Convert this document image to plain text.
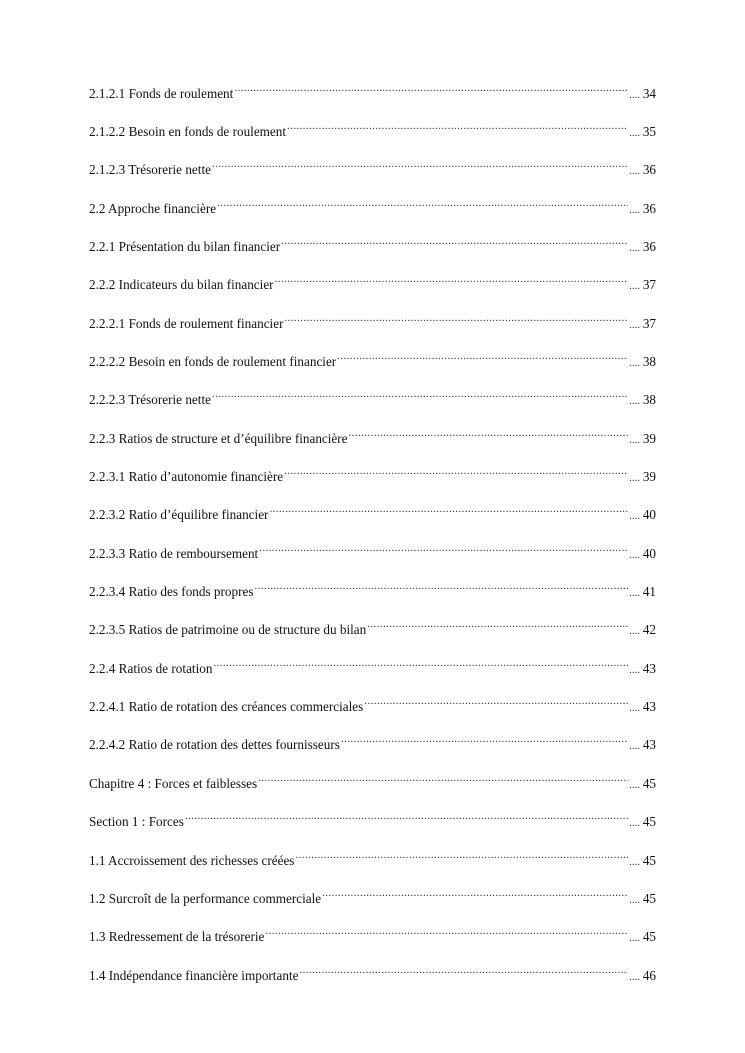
2.1.2.1 Fonds de roulement .....	.... 34
2.1.2.2 Besoin en fonds de roulement .....	.... 35
2.1.2.3 Trésorerie nette .....	.... 36
2.2 Approche financière .....	.... 36
2.2.1 Présentation du bilan financier .....	.... 36
2.2.2 Indicateurs du bilan financier .....	.... 37
2.2.2.1 Fonds de roulement financier .....	.... 37
2.2.2.2 Besoin en fonds de roulement financier .....	.... 38
2.2.2.3 Trésorerie nette .....	.... 38
2.2.3 Ratios de structure et d’équilibre financière .....	.... 39
2.2.3.1 Ratio d’autonomie financière .....	.... 39
2.2.3.2 Ratio d’équilibre financier .....	.... 40
2.2.3.3 Ratio de remboursement .....	.... 40
2.2.3.4 Ratio des fonds propres .....	.... 41
2.2.3.5 Ratios de patrimoine ou de structure du bilan .....	.... 42
2.2.4 Ratios de rotation .....	.... 43
2.2.4.1 Ratio de rotation des créances commerciales .....	.... 43
2.2.4.2 Ratio de rotation des dettes fournisseurs .....	.... 43
Chapitre 4 : Forces et faiblesses .....	.... 45
Section 1 : Forces .....	.... 45
1.1 Accroissement des richesses créées .....	.... 45
1.2 Surcroît de la performance commerciale .....	.... 45
1.3 Redressement de la trésorerie .....	.... 45
1.4 Indépendance financière importante .....	.... 46
